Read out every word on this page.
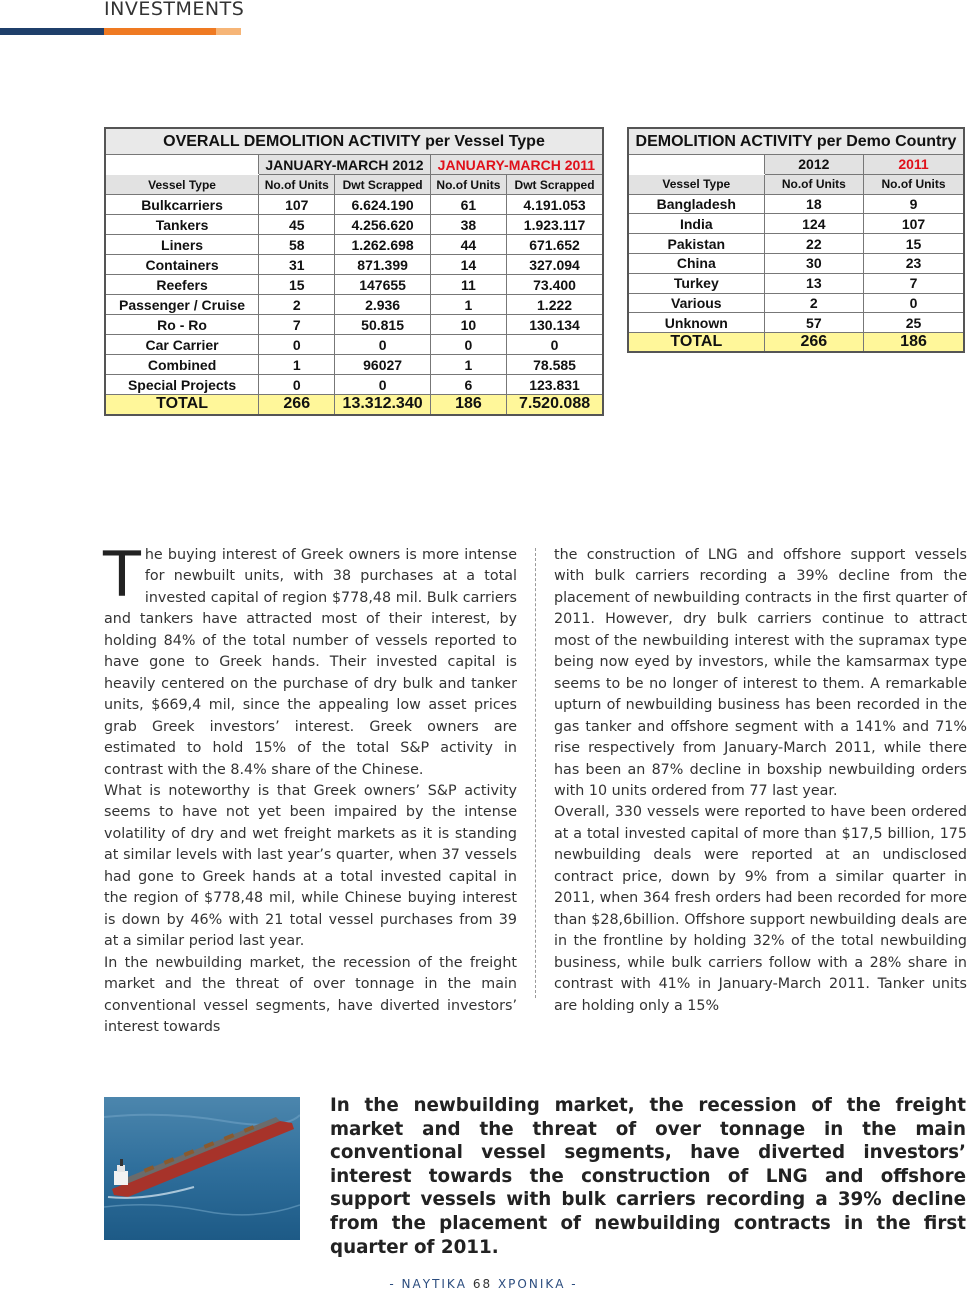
INVESTMENTS
OVERALL DEMOLITION ACTIVITY per Vessel Type				
	JANUARY-MARCH 2012		JANUARY-MARCH 2011	
Vessel Type	No.of Units	Dwt Scrapped	No.of Units	Dwt Scrapped
Bulkcarriers	107	6.624.190	61	4.191.053
Tankers	45	4.256.620	38	1.923.117
Liners	58	1.262.698	44	671.652
Containers	31	871.399	14	327.094
Reefers	15	147655	11	73.400
Passenger / Cruise	2	2.936	1	1.222
Ro - Ro	7	50.815	10	130.134
Car Carrier	0	0	0	0
Combined	1	96027	1	78.585
Special Projects	0	0	6	123.831
TOTAL	266	13.312.340	186	7.520.088
DEMOLITION ACTIVITY per Demo Country		
	2012	2011
Vessel Type	No.of Units	No.of Units
Bangladesh	18	9
India	124	107
Pakistan	22	15
China	30	23
Turkey	13	7
Various	2	0
Unknown	57	25
TOTAL	266	186
T he buying interest of Greek owners is more intense for newbuilt units, with 38 purchases at a total invested capital of region $778,48 mil. Bulk carriers and tankers have attracted most of their interest, by holding 84% of the total number of vessels reported to have gone to Greek hands. Their invested capital is heavily centered on the purchase of dry bulk and tanker units, $669,4 mil, since the appealing low asset prices grab Greek investors’ interest. Greek owners are estimated to hold 15% of the total S&P activity in contrast with the 8.4% share of the Chinese.

What is noteworthy is that Greek owners’ S&P activity seems to have not yet been impaired by the intense volatility of dry and wet freight markets as it is standing at similar levels with last year’s quarter, when 37 vessels had gone to Greek hands at a total invested capital in the region of $778,48 mil, while Chinese buying interest is down by 46% with 21 total vessel purchases from 39 at a similar period last year.

In the newbuilding market, the recession of the freight market and the threat of over tonnage in the main conventional vessel segments, have diverted investors’ interest towards

the construction of LNG and offshore support vessels with bulk carriers recording a 39% decline from the placement of newbuilding contracts in the first quarter of 2011. However, dry bulk carriers continue to attract most of the newbuilding interest with the supramax type being now eyed by investors, while the kamsarmax type seems to be no longer of interest to them. A remarkable upturn of newbuilding business has been recorded in the gas tanker and offshore segment with a 141% and 71% rise respectively from January-March 2011, while there has been an 87% decline in boxship newbuilding orders with 10 units ordered from 77 last year.

Overall, 330 vessels were reported to have been ordered at a total invested capital of more than $17,5 billion, 175 newbuilding deals were reported at an undisclosed contract price, down by 9% from a similar quarter in 2011, when 364 fresh orders had been recorded for more than $28,6billion. Offshore support newbuilding deals are in the frontline by holding 32% of the total newbuilding business, while bulk carriers follow with a 28% share in contrast with 41% in January-March 2011. Tanker units are holding only a 15%

In the newbuilding market, the recession of the freight market and the threat of over tonnage in the main conventional vessel segments, have diverted investors’ interest towards the construction of LNG and offshore support vessels with bulk carriers recording a 39% decline from the placement of newbuilding contracts in the first quarter of 2011.
- ΝΑΥΤΙΚΑ 68 ΧΡΟΝΙΚΑ -
